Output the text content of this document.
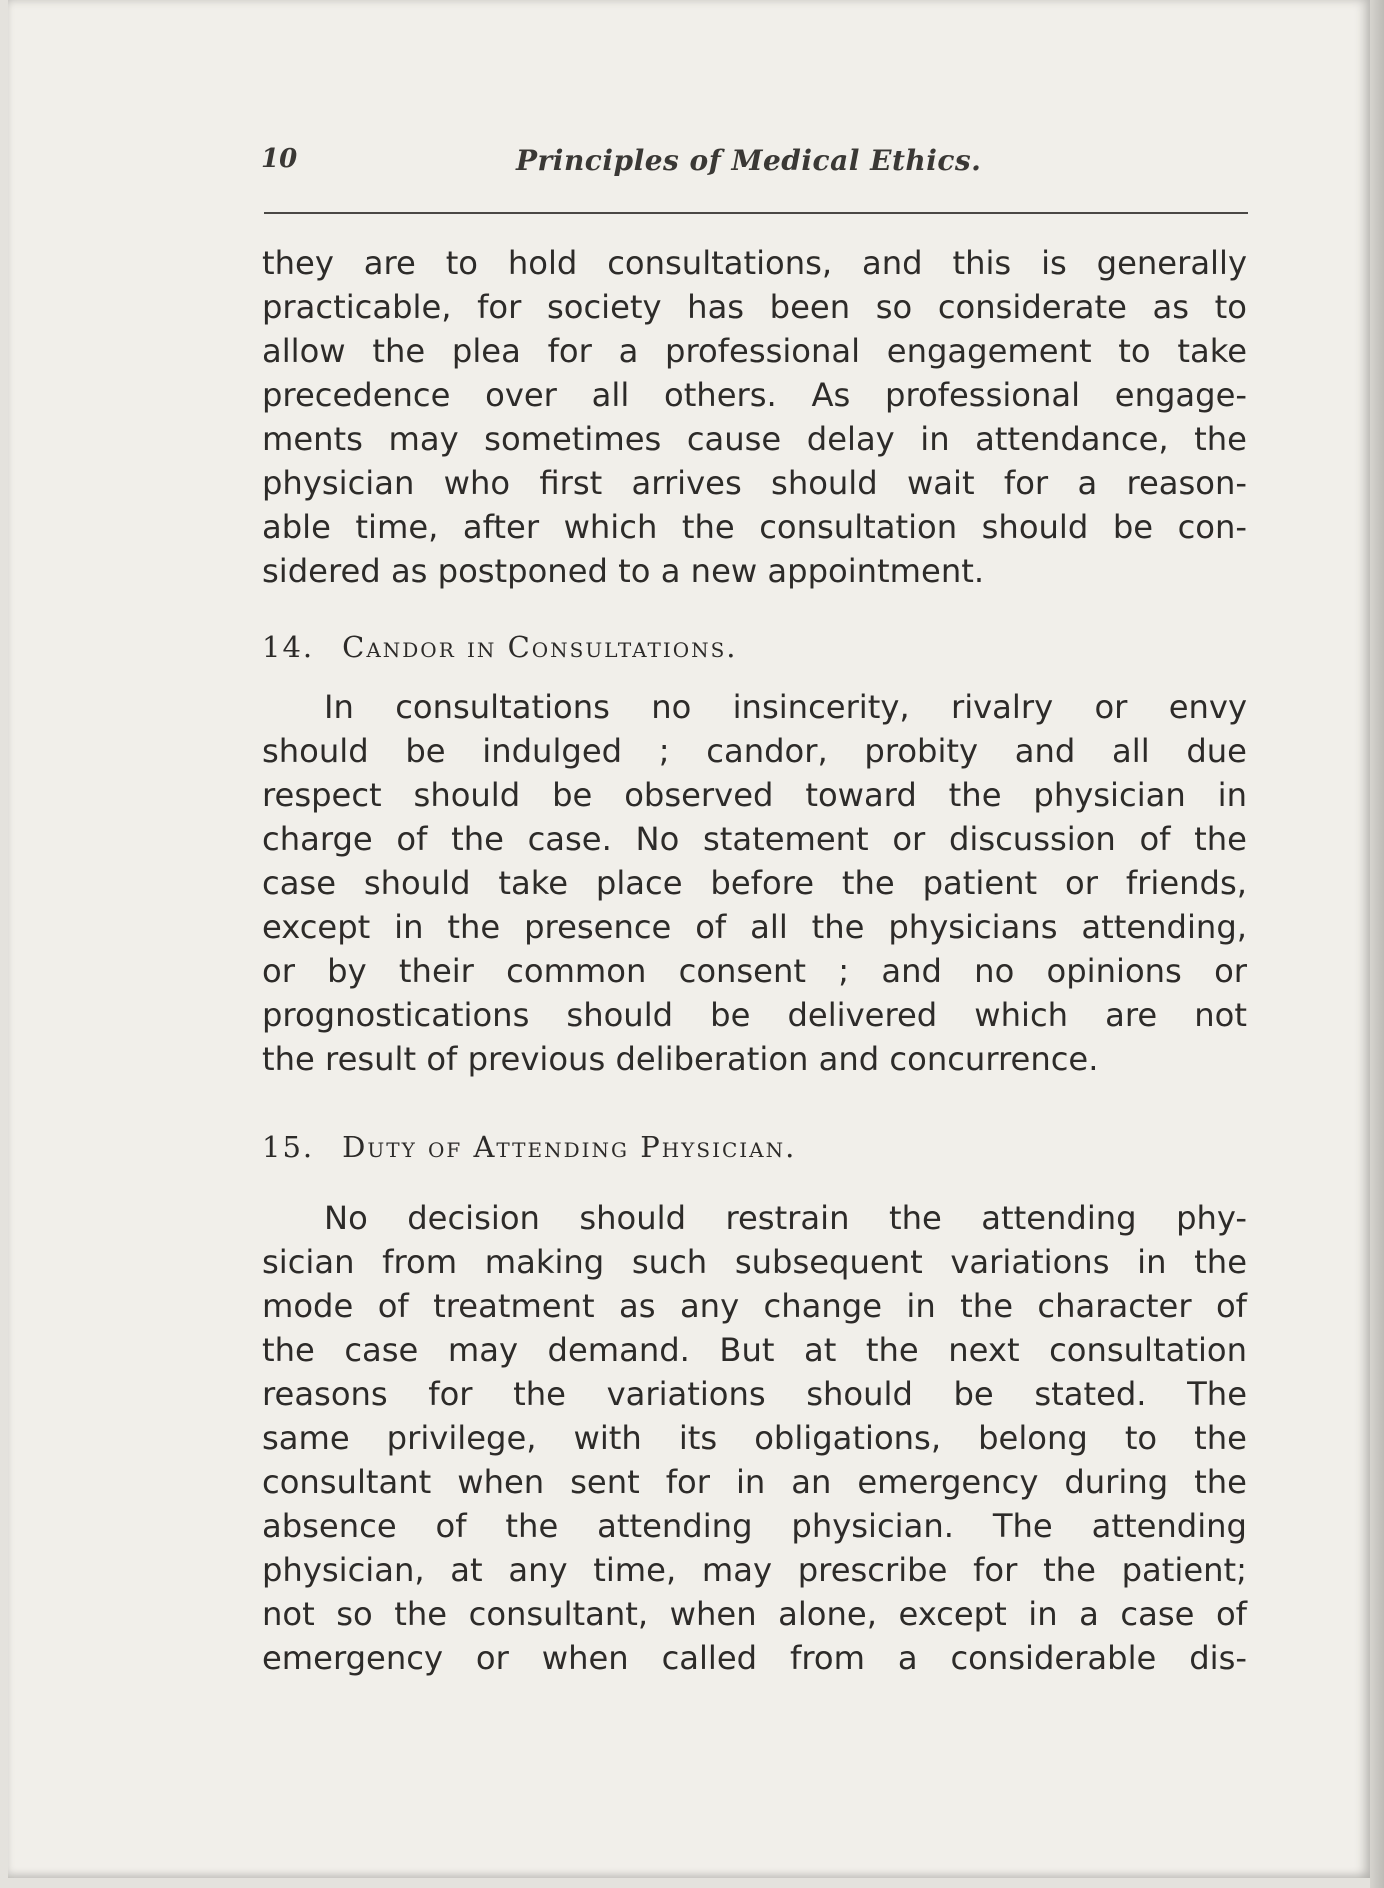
10	Principles of Medical Ethics.
they are to hold consultations, and this is generally
practicable, for society has been so considerate as to
allow the plea for a professional engagement to take
precedence over all others. As professional engage-
ments may sometimes cause delay in attendance, the
physician who first arrives should wait for a reason-
able time, after which the consultation should be con-
sidered as postponed to a new appointment.
14. Candor in Consultations.
In consultations no insincerity, rivalry or envy
should be indulged ; candor, probity and all due
respect should be observed toward the physician in
charge of the case. No statement or discussion of the
case should take place before the patient or friends,
except in the presence of all the physicians attending,
or by their common consent ; and no opinions or
prognostications should be delivered which are not
the result of previous deliberation and concurrence.
15. Duty of Attending Physician.
No decision should restrain the attending phy-
sician from making such subsequent variations in the
mode of treatment as any change in the character of
the case may demand. But at the next consultation
reasons for the variations should be stated. The
same privilege, with its obligations, belong to the
consultant when sent for in an emergency during the
absence of the attending physician. The attending
physician, at any time, may prescribe for the patient;
not so the consultant, when alone, except in a case of
emergency or when called from a considerable dis-
